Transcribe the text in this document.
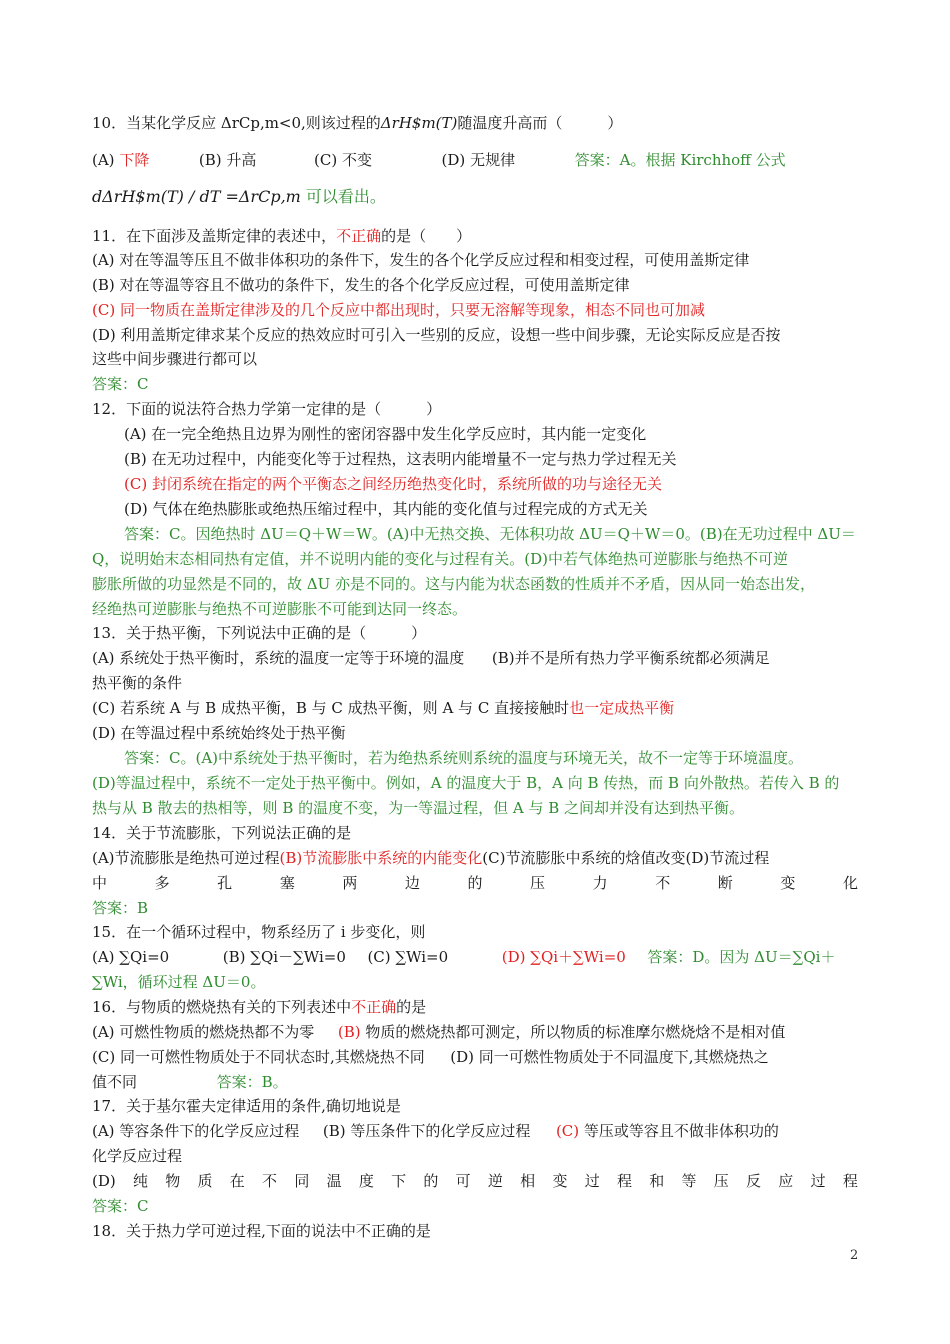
10．当某化学反应 ΔrCp,m<0,则该过程的ΔrH$m(T)随温度升高而（　　　）
(A) 下降	(B) 升高	(C) 不变	(D) 无规律	答案：A。根据 Kirchhoff 公式
dΔrH$m(T) / dT =ΔrCp,m 可以看出。
11．在下面涉及盖斯定律的表述中，不正确的是（　　）
(A) 对在等温等压且不做非体积功的条件下，发生的各个化学反应过程和相变过程，可使用盖斯定律
(B) 对在等温等容且不做功的条件下，发生的各个化学反应过程，可使用盖斯定律
(C) 同一物质在盖斯定律涉及的几个反应中都出现时，只要无溶解等现象，相态不同也可加减
(D) 利用盖斯定律求某个反应的热效应时可引入一些别的反应，设想一些中间步骤，无论实际反应是否按
这些中间步骤进行都可以
答案：C
12．下面的说法符合热力学第一定律的是（　　　）
(A) 在一完全绝热且边界为刚性的密闭容器中发生化学反应时，其内能一定变化
(B) 在无功过程中，内能变化等于过程热，这表明内能增量不一定与热力学过程无关
(C) 封闭系统在指定的两个平衡态之间经历绝热变化时，系统所做的功与途径无关
(D) 气体在绝热膨胀或绝热压缩过程中，其内能的变化值与过程完成的方式无关
答案：C。因绝热时 ΔU＝Q＋W＝W。(A)中无热交换、无体积功故 ΔU＝Q＋W＝0。(B)在无功过程中 ΔU＝
Q，说明始末态相同热有定值，并不说明内能的变化与过程有关。(D)中若气体绝热可逆膨胀与绝热不可逆
膨胀所做的功显然是不同的，故 ΔU 亦是不同的。这与内能为状态函数的性质并不矛盾，因从同一始态出发，
经绝热可逆膨胀与绝热不可逆膨胀不可能到达同一终态。
13．关于热平衡，下列说法中正确的是（　　　）
(A) 系统处于热平衡时，系统的温度一定等于环境的温度 (B)并不是所有热力学平衡系统都必须满足
热平衡的条件
(C) 若系统 A 与 B 成热平衡，B 与 C 成热平衡，则 A 与 C 直接接触时也一定成热平衡
(D) 在等温过程中系统始终处于热平衡
答案：C。(A)中系统处于热平衡时，若为绝热系统则系统的温度与环境无关，故不一定等于环境温度。
(D)等温过程中，系统不一定处于热平衡中。例如，A 的温度大于 B，A 向 B 传热，而 B 向外散热。若传入 B 的
热与从 B 散去的热相等，则 B 的温度不变，为一等温过程，但 A 与 B 之间却并没有达到热平衡。
14．关于节流膨胀，下列说法正确的是
(A)节流膨胀是绝热可逆过程(B)节流膨胀中系统的内能变化(C)节流膨胀中系统的焓值改变(D)节流过程
中	多	孔	塞	两	边	的	压	力	不	断	变	化
答案：B
15．在一个循环过程中，物系经历了 i 步变化，则
(A) ∑Qi=0	(B) ∑Qi－∑Wi=0 (C) ∑Wi=0	(D) ∑Qi＋∑Wi=0 答案：D。因为 ΔU＝∑Qi＋
∑Wi，循环过程 ΔU＝0。
16．与物质的燃烧热有关的下列表述中不正确的是
(A) 可燃性物质的燃烧热都不为零 (B) 物质的燃烧热都可测定，所以物质的标准摩尔燃烧焓不是相对值
(C) 同一可燃性物质处于不同状态时,其燃烧热不同 (D) 同一可燃性物质处于不同温度下,其燃烧热之
值不同	答案：B。
17．关于基尔霍夫定律适用的条件,确切地说是
(A) 等容条件下的化学反应过程 (B) 等压条件下的化学反应过程 (C) 等压或等容且不做非体积功的
化学反应过程
(D) 纯 物 质 在 不 同 温 度 下 的 可 逆 相 变 过 程 和 等 压 反 应 过 程
答案：C
18．关于热力学可逆过程,下面的说法中不正确的是
2
